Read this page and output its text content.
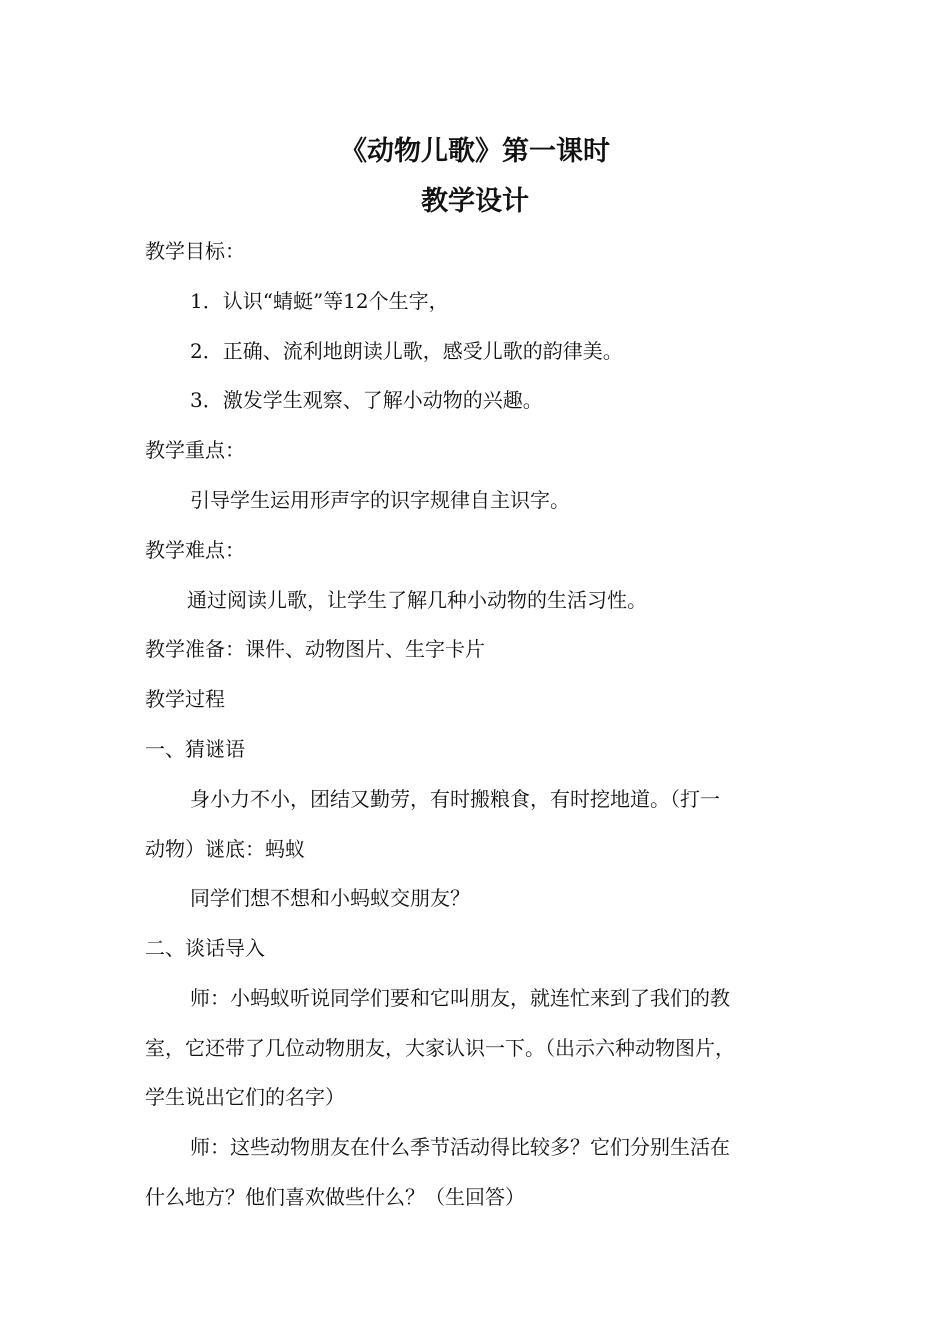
《动物儿歌》第一课时
教学设计

教学目标：

1．认识“蜻蜓”等12个生字，

2．正确、流利地朗读儿歌，感受儿歌的韵律美。

3．激发学生观察、了解小动物的兴趣。

教学重点：

引导学生运用形声字的识字规律自主识字。

教学难点：

通过阅读儿歌，让学生了解几种小动物的生活习性。

教学准备：课件、动物图片、生字卡片

教学过程

一、猜谜语

身小力不小，团结又勤劳，有时搬粮食，有时挖地道。（打一

动物）谜底：蚂蚁

同学们想不想和小蚂蚁交朋友？

二、谈话导入

师：小蚂蚁听说同学们要和它叫朋友，就连忙来到了我们的教

室，它还带了几位动物朋友，大家认识一下。（出示六种动物图片，

学生说出它们的名字）

师：这些动物朋友在什么季节活动得比较多？它们分别生活在

什么地方？他们喜欢做些什么？（生回答）
